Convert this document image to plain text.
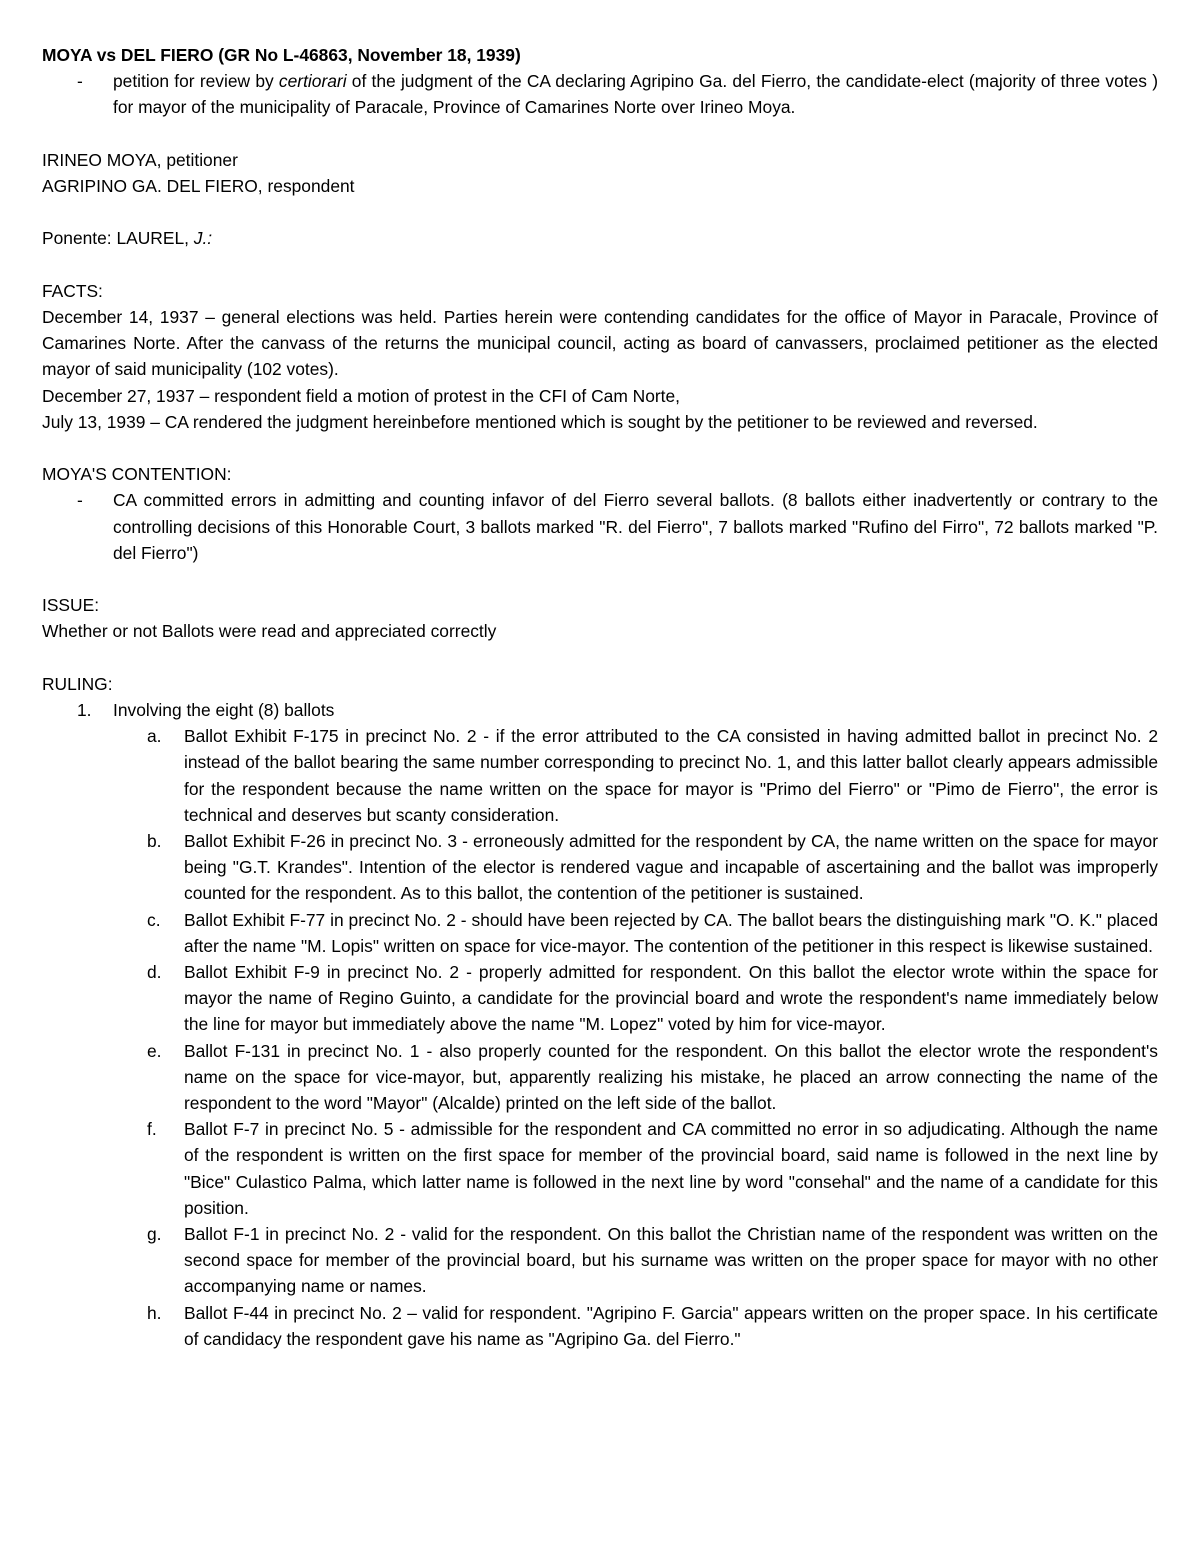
MOYA vs DEL FIERO (GR No L-46863, November 18, 1939)

- petition for review by certiorari of the judgment of the CA declaring Agripino Ga. del Fierro, the candidate-elect (majority of three votes ) for mayor of the municipality of Paracale, Province of Camarines Norte over Irineo Moya.

IRINEO MOYA, petitioner

AGRIPINO GA. DEL FIERO, respondent

Ponente: LAUREL, J.:

FACTS:

December 14, 1937 – general elections was held. Parties herein were contending candidates for the office of Mayor in Paracale, Province of Camarines Norte. After the canvass of the returns the municipal council, acting as board of canvassers, proclaimed petitioner as the elected mayor of said municipality (102 votes).

December 27, 1937 – respondent field a motion of protest in the CFI of Cam Norte,

July 13, 1939 – CA rendered the judgment hereinbefore mentioned which is sought by the petitioner to be reviewed and reversed.

MOYA'S CONTENTION:

- CA committed errors in admitting and counting infavor of del Fierro several ballots. (8 ballots either inadvertently or contrary to the controlling decisions of this Honorable Court, 3 ballots marked "R. del Fierro", 7 ballots marked "Rufino del Firro", 72 ballots marked "P. del Fierro")

ISSUE:

Whether or not Ballots were read and appreciated correctly

RULING:

1. Involving the eight (8) ballots
a. Ballot Exhibit F-175 in precinct No. 2 - if the error attributed to the CA consisted in having admitted ballot in precinct No. 2 instead of the ballot bearing the same number corresponding to precinct No. 1, and this latter ballot clearly appears admissible for the respondent because the name written on the space for mayor is "Primo del Fierro" or "Pimo de Fierro", the error is technical and deserves but scanty consideration.
b. Ballot Exhibit F-26 in precinct No. 3 - erroneously admitted for the respondent by CA, the name written on the space for mayor being "G.T. Krandes". Intention of the elector is rendered vague and incapable of ascertaining and the ballot was improperly counted for the respondent. As to this ballot, the contention of the petitioner is sustained.
c. Ballot Exhibit F-77 in precinct No. 2 - should have been rejected by CA. The ballot bears the distinguishing mark "O. K." placed after the name "M. Lopis" written on space for vice-mayor. The contention of the petitioner in this respect is likewise sustained.
d. Ballot Exhibit F-9 in precinct No. 2 - properly admitted for respondent. On this ballot the elector wrote within the space for mayor the name of Regino Guinto, a candidate for the provincial board and wrote the respondent's name immediately below the line for mayor but immediately above the name "M. Lopez" voted by him for vice-mayor.
e. Ballot F-131 in precinct No. 1 - also properly counted for the respondent. On this ballot the elector wrote the respondent's name on the space for vice-mayor, but, apparently realizing his mistake, he placed an arrow connecting the name of the respondent to the word "Mayor" (Alcalde) printed on the left side of the ballot.
f. Ballot F-7 in precinct No. 5 - admissible for the respondent and CA committed no error in so adjudicating. Although the name of the respondent is written on the first space for member of the provincial board, said name is followed in the next line by "Bice" Culastico Palma, which latter name is followed in the next line by word "consehal" and the name of a candidate for this position.
g. Ballot F-1 in precinct No. 2 - valid for the respondent. On this ballot the Christian name of the respondent was written on the second space for member of the provincial board, but his surname was written on the proper space for mayor with no other accompanying name or names.
h. Ballot F-44 in precinct No. 2 – valid for respondent. "Agripino F. Garcia" appears written on the proper space. In his certificate of candidacy the respondent gave his name as "Agripino Ga. del Fierro."
